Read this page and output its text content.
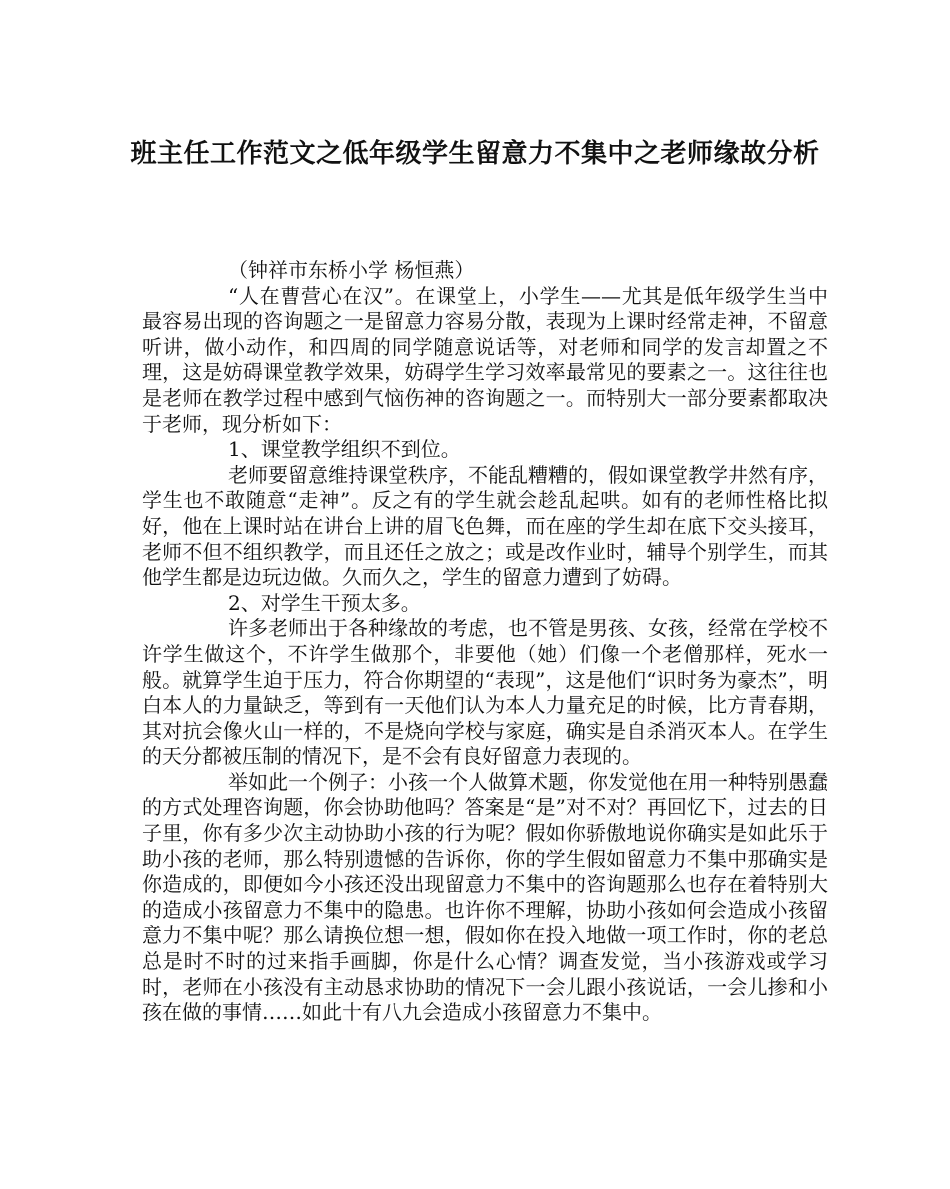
班主任工作范文之低年级学生留意力不集中之老师缘故分析

（钟祥市东桥小学 杨恒燕）

“人在曹营心在汉”。在课堂上，小学生——尤其是低年级学生当中最容易出现的咨询题之一是留意力容易分散，表现为上课时经常走神，不留意听讲，做小动作，和四周的同学随意说话等，对老师和同学的发言却置之不理，这是妨碍课堂教学效果，妨碍学生学习效率最常见的要素之一。这往往也是老师在教学过程中感到气恼伤神的咨询题之一。而特别大一部分要素都取决于老师，现分析如下：

1、课堂教学组织不到位。

老师要留意维持课堂秩序，不能乱糟糟的，假如课堂教学井然有序，学生也不敢随意“走神”。反之有的学生就会趁乱起哄。如有的老师性格比拟好，他在上课时站在讲台上讲的眉飞色舞，而在座的学生却在底下交头接耳，老师不但不组织教学，而且还任之放之；或是改作业时，辅导个别学生，而其他学生都是边玩边做。久而久之，学生的留意力遭到了妨碍。

2、对学生干预太多。

许多老师出于各种缘故的考虑，也不管是男孩、女孩，经常在学校不许学生做这个，不许学生做那个，非要他（她）们像一个老僧那样，死水一般。就算学生迫于压力，符合你期望的“表现”，这是他们“识时务为豪杰”，明白本人的力量缺乏，等到有一天他们认为本人力量充足的时候，比方青春期，其对抗会像火山一样的，不是烧向学校与家庭，确实是自杀消灭本人。在学生的天分都被压制的情况下，是不会有良好留意力表现的。

举如此一个例子：小孩一个人做算术题，你发觉他在用一种特别愚蠢的方式处理咨询题，你会协助他吗？答案是“是”对不对？再回忆下，过去的日子里，你有多少次主动协助小孩的行为呢？假如你骄傲地说你确实是如此乐于助小孩的老师，那么特别遗憾的告诉你，你的学生假如留意力不集中那确实是你造成的，即便如今小孩还没出现留意力不集中的咨询题那么也存在着特别大的造成小孩留意力不集中的隐患。也许你不理解，协助小孩如何会造成小孩留意力不集中呢？那么请换位想一想，假如你在投入地做一项工作时，你的老总总是时不时的过来指手画脚，你是什么心情？调查发觉，当小孩游戏或学习时，老师在小孩没有主动恳求协助的情况下一会儿跟小孩说话，一会儿掺和小孩在做的事情……如此十有八九会造成小孩留意力不集中。
